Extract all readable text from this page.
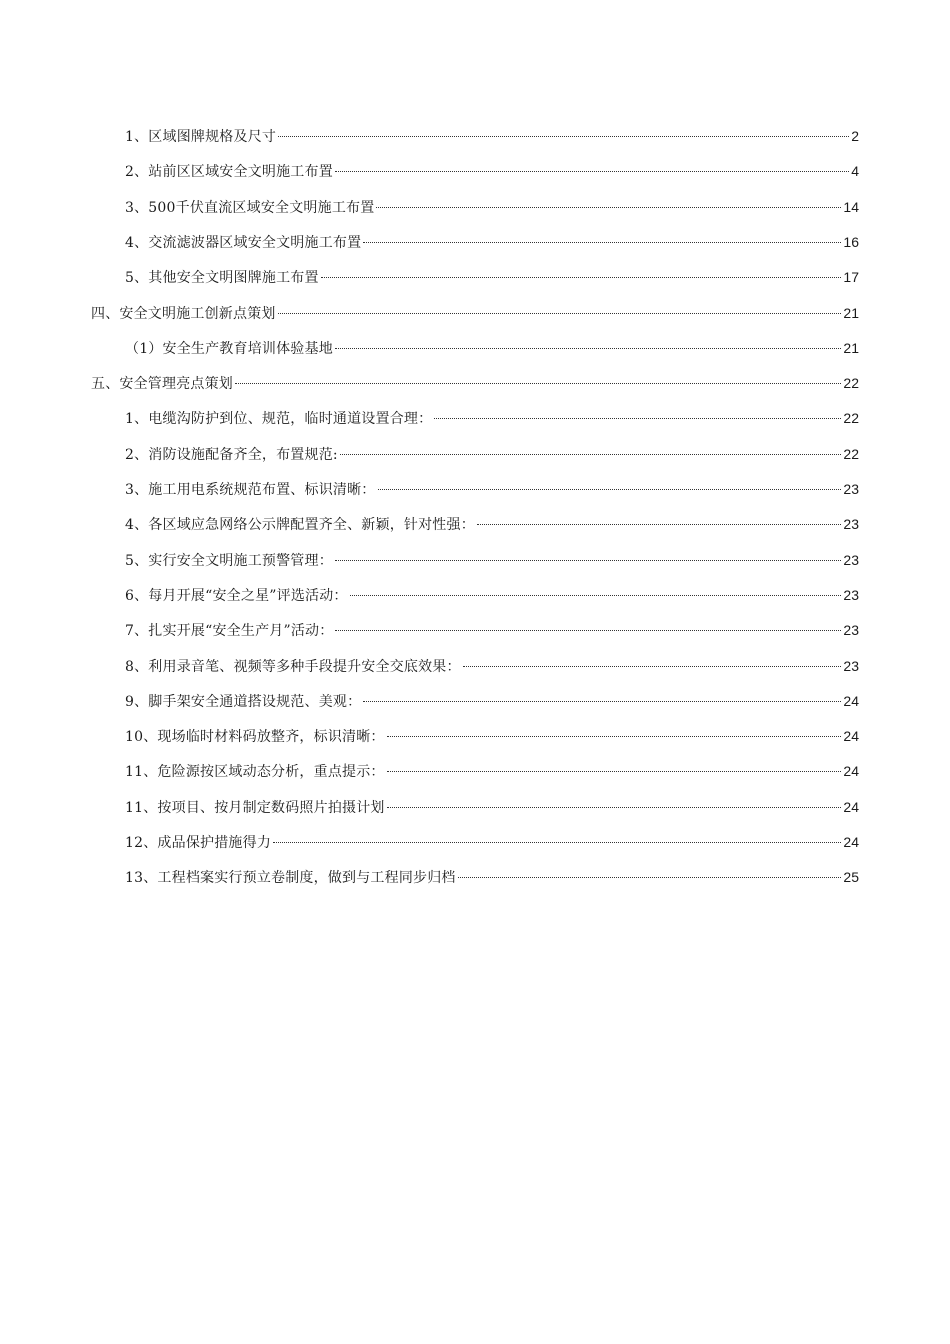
1、区域图牌规格及尺寸	2
2、站前区区域安全文明施工布置	4
3、500千伏直流区域安全文明施工布置	14
4、交流滤波器区域安全文明施工布置	16
5、其他安全文明图牌施工布置	17
四、安全文明施工创新点策划	21
（1）安全生产教育培训体验基地	21
五、安全管理亮点策划	22
1、电缆沟防护到位、规范，临时通道设置合理：	22
2、消防设施配备齐全，布置规范:	22
3、施工用电系统规范布置、标识清晰：	23
4、各区域应急网络公示牌配置齐全、新颖，针对性强：	23
5、实行安全文明施工预警管理：	23
6、每月开展“安全之星”评选活动：	23
7、扎实开展“安全生产月”活动：	23
8、利用录音笔、视频等多种手段提升安全交底效果：	23
9、脚手架安全通道搭设规范、美观：	24
10、现场临时材料码放整齐，标识清晰：	24
11、危险源按区域动态分析，重点提示：	24
11、按项目、按月制定数码照片拍摄计划	24
12、成品保护措施得力	24
13、工程档案实行预立卷制度，做到与工程同步归档	25
